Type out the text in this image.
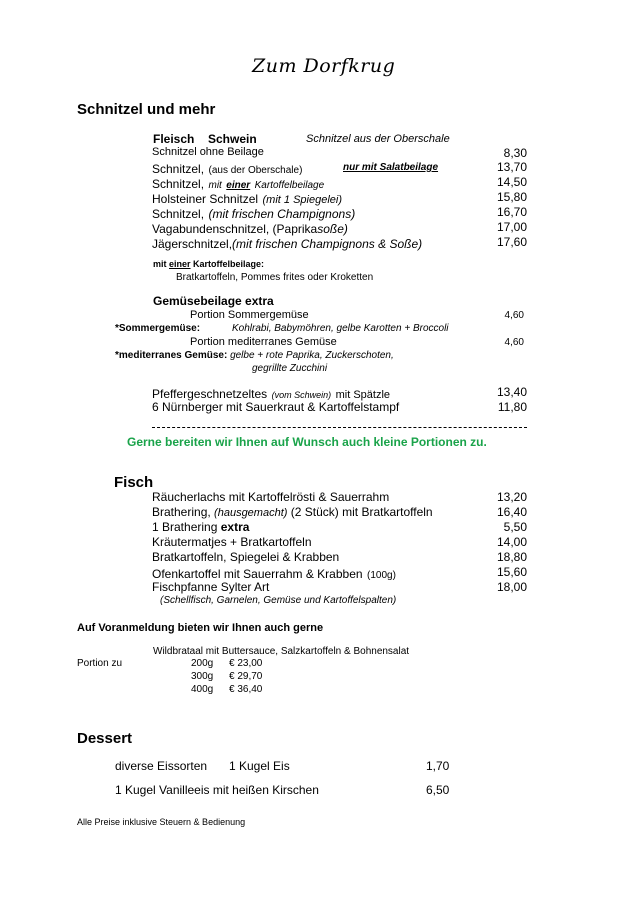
Zum Dorfkrug
Schnitzel und mehr
Fleisch Schwein	Schnitzel aus der Oberschale
Schnitzel ohne Beilage	8,30
Schnitzel, (aus der Oberschale)	nur mit Salatbeilage	13,70
Schnitzel, mit einer Kartoffelbeilage	14,50
Holsteiner Schnitzel (mit 1 Spiegelei)	15,80
Schnitzel, (mit frischen Champignons)	16,70
Vagabundenschnitzel, (Paprikasoße)	17,00
Jägerschnitzel,(mit frischen Champignons & Soße)	17,60
mit einer Kartoffelbeilage:
Bratkartoffeln, Pommes frites oder Kroketten
Gemüsebeilage extra
Portion Sommergemüse	4,60
*Sommergemüse:	Kohlrabi, Babymöhren, gelbe Karotten + Broccoli
Portion mediterranes Gemüse	4,60
*mediterranes Gemüse: gelbe + rote Paprika, Zuckerschoten,
gegrillte Zucchini
Pfeffergeschnetzeltes (vom Schwein) mit Spätzle	13,40
6 Nürnberger mit Sauerkraut & Kartoffelstampf	11,80
Gerne bereiten wir Ihnen auf Wunsch auch kleine Portionen zu.
Fisch
Räucherlachs mit Kartoffelrösti & Sauerrahm	13,20
Brathering, (hausgemacht) (2 Stück) mit Bratkartoffeln	16,40
1 Brathering extra	5,50
Kräutermatjes + Bratkartoffeln	14,00
Bratkartoffeln, Spiegelei & Krabben	18,80
Ofenkartoffel mit Sauerrahm & Krabben (100g)	15,60
Fischpfanne Sylter Art	18,00
(Schellfisch, Garnelen, Gemüse und Kartoffelspalten)
Auf Voranmeldung bieten wir Ihnen auch gerne
Wildbrataal mit Buttersauce, Salzkartoffeln & Bohnensalat
Portion zu	200g € 23,00
300g € 29,70
400g € 36,40
Dessert
diverse Eissorten 1 Kugel Eis	1,70
1 Kugel Vanilleeis mit heißen Kirschen	6,50
Alle Preise inklusive Steuern & Bedienung
